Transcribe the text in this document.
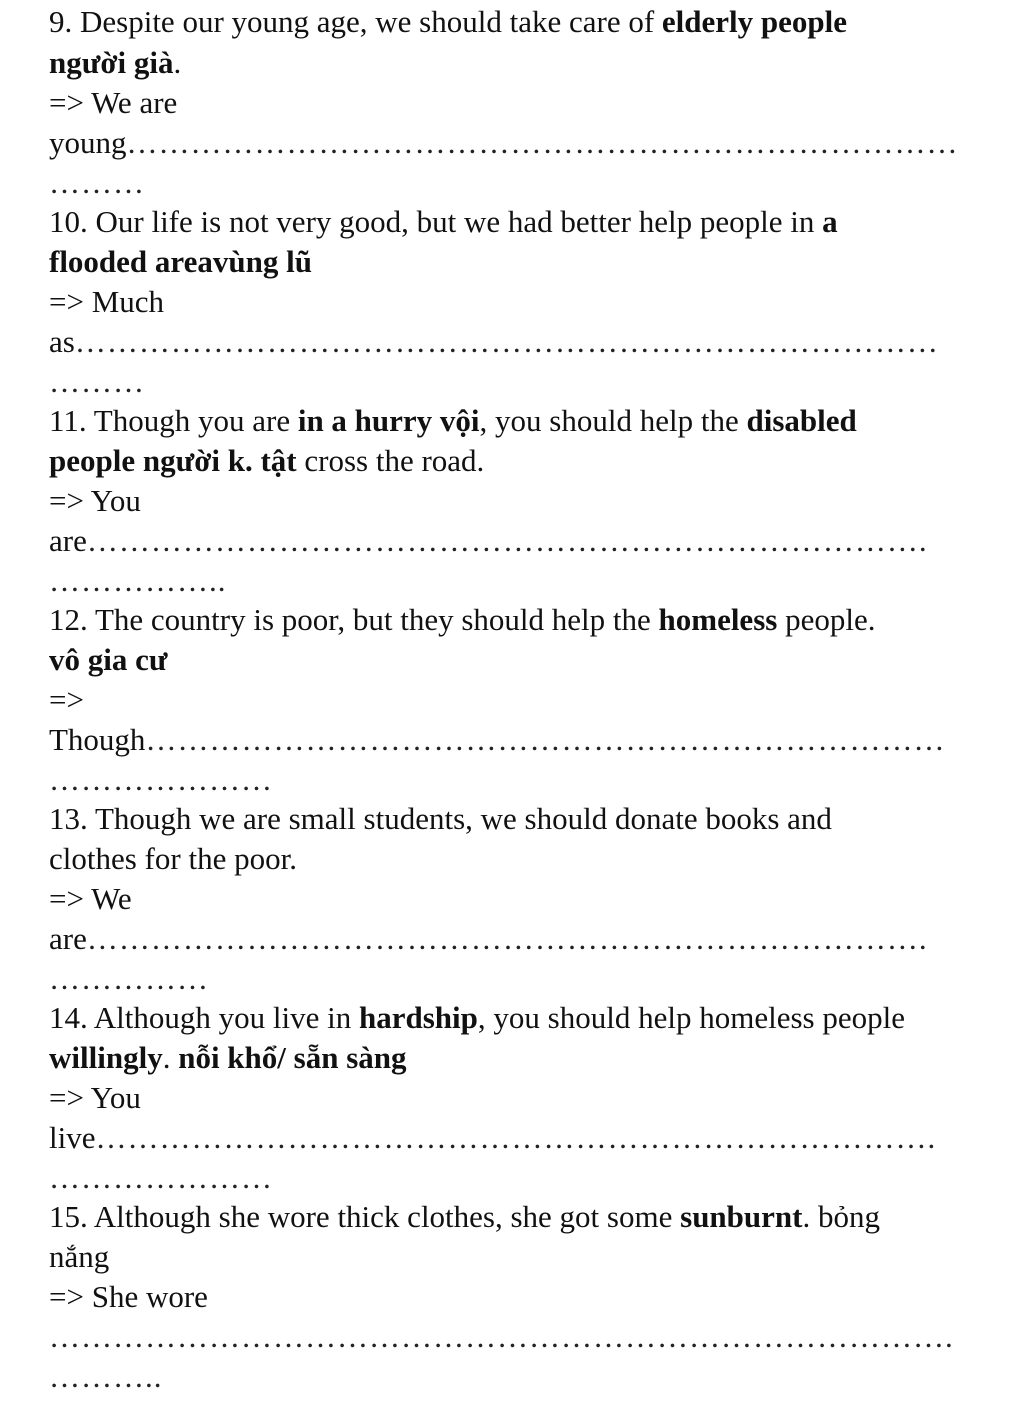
9. Despite our young age, we should take care of elderly people
người già.
=> We are
young……………………………………………………………………
………
10. Our life is not very good, but we had better help people in a
flooded areavùng lũ
=> Much
as………………………………………………………………………
………
11. Though you are in a hurry vội, you should help the disabled
people người k. tật cross the road.
=> You
are…………………………………………………………………….
……………..
12. The country is poor, but they should help the homeless people.
vô gia cư
=>
Though…………………………………………………………………
…………………
13. Though we are small students, we should donate books and
clothes for the poor.
=> We
are…………………………………………………………………….
……………
14. Although you live in hardship, you should help homeless people
willingly. nỗi khổ/ sẵn sàng
=> You
live…………………………………………………………………….
…………………
15. Although she wore thick clothes, she got some sunburnt. bỏng
nắng
=> She wore
………………………………………………………………………….
………..
